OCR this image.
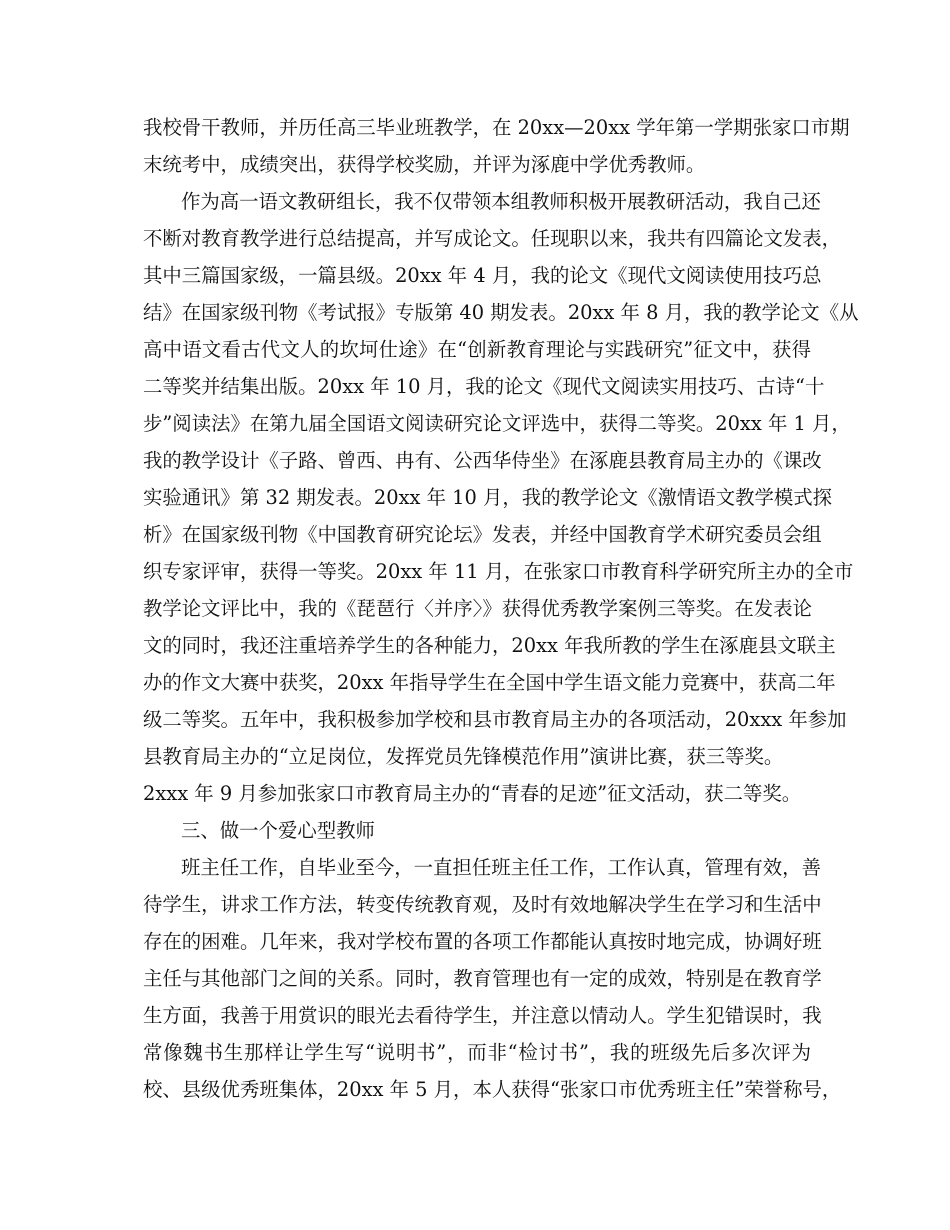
我校骨干教师，并历任高三毕业班教学，在 20xx—20xx 学年第一学期张家口市期

末统考中，成绩突出，获得学校奖励，并评为涿鹿中学优秀教师。

作为高一语文教研组长，我不仅带领本组教师积极开展教研活动，我自己还

不断对教育教学进行总结提高，并写成论文。任现职以来，我共有四篇论文发表，

其中三篇国家级，一篇县级。20xx 年 4 月，我的论文《现代文阅读使用技巧总

结》在国家级刊物《考试报》专版第 40 期发表。20xx 年 8 月，我的教学论文《从

高中语文看古代文人的坎坷仕途》在“创新教育理论与实践研究”征文中，获得

二等奖并结集出版。20xx 年 10 月，我的论文《现代文阅读实用技巧、古诗“十

步”阅读法》在第九届全国语文阅读研究论文评选中，获得二等奖。20xx 年 1 月，

我的教学设计《子路、曾西、冉有、公西华侍坐》在涿鹿县教育局主办的《课改

实验通讯》第 32 期发表。20xx 年 10 月，我的教学论文《激情语文教学模式探

析》在国家级刊物《中国教育研究论坛》发表，并经中国教育学术研究委员会组

织专家评审，获得一等奖。20xx 年 11 月，在张家口市教育科学研究所主办的全市

教学论文评比中，我的《琵琶行〈并序〉》获得优秀教学案例三等奖。在发表论

文的同时，我还注重培养学生的各种能力，20xx 年我所教的学生在涿鹿县文联主

办的作文大赛中获奖，20xx 年指导学生在全国中学生语文能力竞赛中，获高二年

级二等奖。五年中，我积极参加学校和县市教育局主办的各项活动，20xxx 年参加

县教育局主办的“立足岗位，发挥党员先锋模范作用”演讲比赛，获三等奖。

2xxx 年 9 月参加张家口市教育局主办的“青春的足迹”征文活动，获二等奖。

三、做一个爱心型教师

班主任工作，自毕业至今，一直担任班主任工作，工作认真，管理有效，善

待学生，讲求工作方法，转变传统教育观，及时有效地解决学生在学习和生活中

存在的困难。几年来，我对学校布置的各项工作都能认真按时地完成，协调好班

主任与其他部门之间的关系。同时，教育管理也有一定的成效，特别是在教育学

生方面，我善于用赏识的眼光去看待学生，并注意以情动人。学生犯错误时，我

常像魏书生那样让学生写“说明书”，而非“检讨书”，我的班级先后多次评为

校、县级优秀班集体，20xx 年 5 月，本人获得“张家口市优秀班主任”荣誉称号，
